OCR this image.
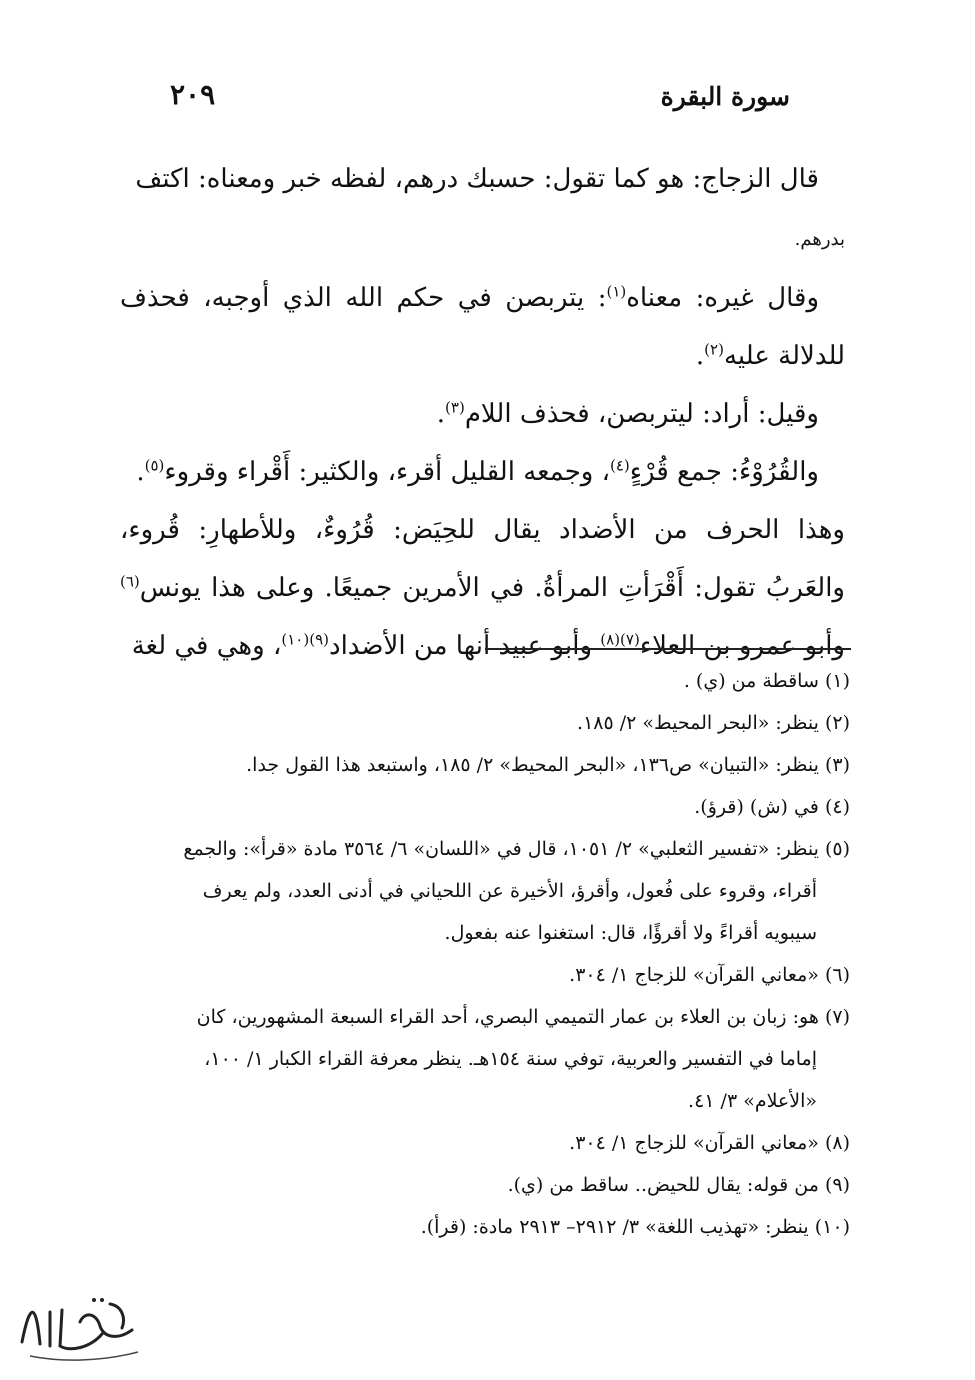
سورة البقرة
٢٠٩

قال الزجاج: هو كما تقول: حسبك درهم، لفظه خبر ومعناه: اكتف

بدرهم.

وقال غيره: معناه$^{(١)}$: يتربصن في حكم الله الذي أوجبه، فحذف للدلالة عليه$^{(٢)}$.

وقيل: أراد: ليتربصن، فحذف اللام$^{(٣)}$.

والقُرُوْءُ: جمع قُرْءٍ$^{(٤)}$، وجمعه القليل أقرء، والكثير: أَقْراء وقروء$^{(٥)}$.

وهذا الحرف من الأضداد يقال للحِيَض: قُرُوءٌ، وللأطهارِ: قُروء، والعَربُ تقول: أَقْرَأتِ المرأةُ. في الأمرين جميعًا. وعلى هذا يونس$^{(٦)}$ وأبو عمرو بن العلاء$^{(٧)(٨)}$ وأبو عبيد أنها من الأضداد$^{(٩)(١٠)}$، وهي في لغة

(١) ساقطة من (ي) .

(٢) ينظر: «البحر المحيط» ٢/ ١٨٥.

(٣) ينظر: «التبيان» ص١٣٦، «البحر المحيط» ٢/ ١٨٥، واستبعد هذا القول جدا.

(٤) في (ش) (قرؤ).

(٥) ينظر: «تفسير الثعلبي» ٢/ ١٠٥١، قال في «اللسان» ٦/ ٣٥٦٤ مادة «قرأ»: والجمع

أقراء، وقروء على فُعول، وأقرؤ، الأخيرة عن اللحياني في أدنى العدد، ولم يعرف

سيبويه أقراءً ولا أقرؤًا، قال: استغنوا عنه بفعول.

(٦) «معاني القرآن» للزجاج ١/ ٣٠٤.

(٧) هو: زبان بن العلاء بن عمار التميمي البصري، أحد القراء السبعة المشهورين، كان

إماما في التفسير والعربية، توفي سنة ١٥٤هـ. ينظر معرفة القراء الكبار ١/ ١٠٠،

«الأعلام» ٣/ ٤١.

(٨) «معاني القرآن» للزجاج ١/ ٣٠٤.

(٩) من قوله: يقال للحيض.. ساقط من (ي).

(١٠) ينظر: «تهذيب اللغة» ٣/ ٢٩١٢– ٢٩١٣ مادة: (قرأ).
